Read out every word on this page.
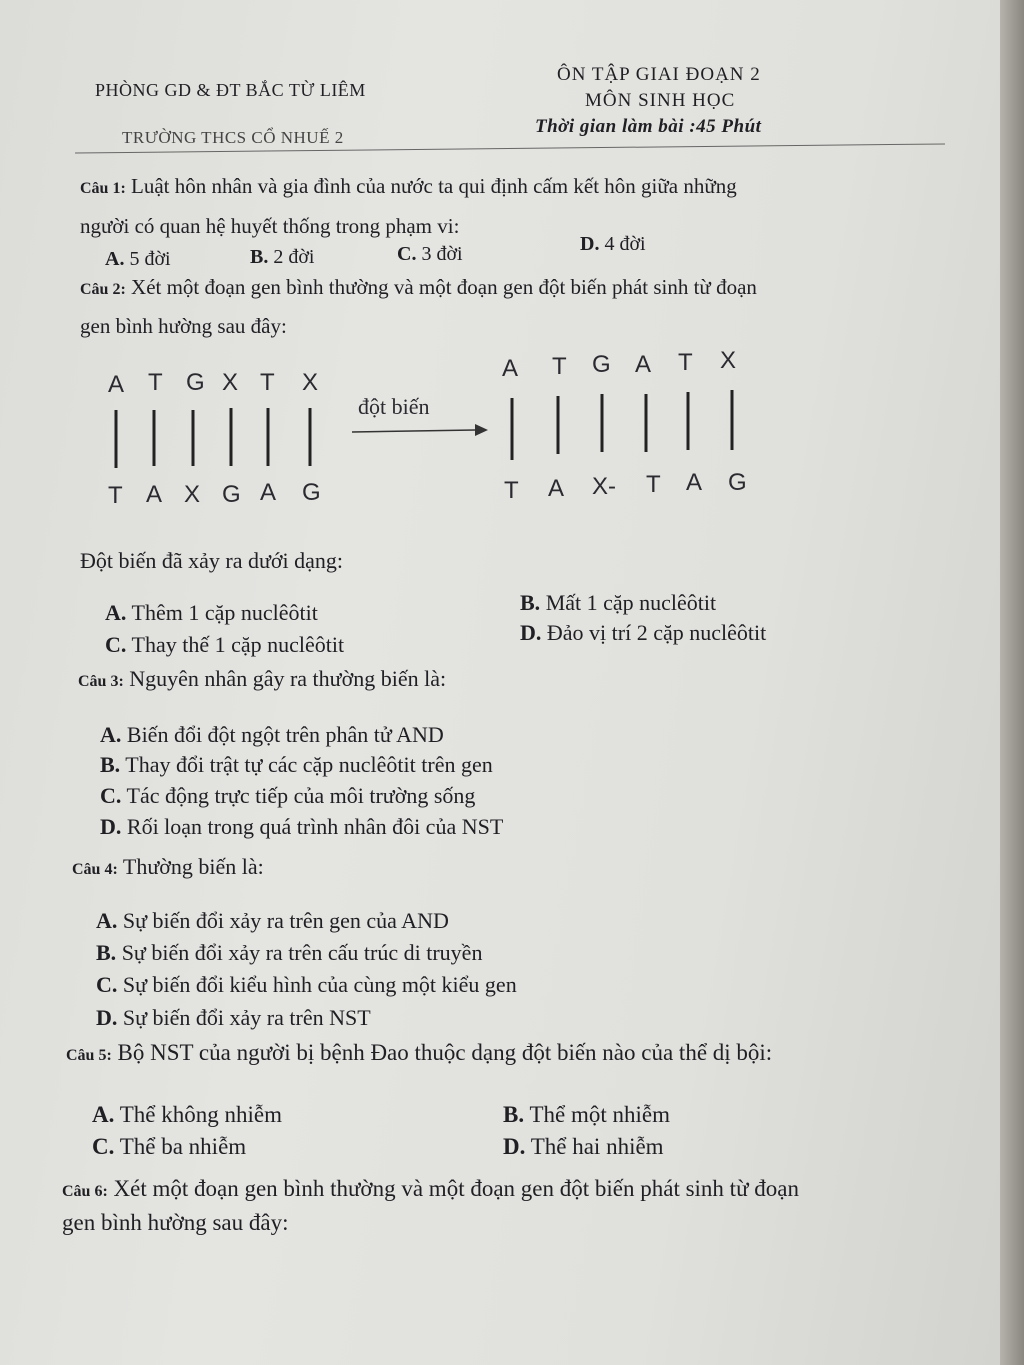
PHÒNG GD & ĐT BẮC TỪ LIÊM
TRƯỜNG THCS CỔ NHUẾ 2
ÔN TẬP GIAI ĐOẠN 2
MÔN SINH HỌC
Thời gian làm bài :45 Phút
Câu 1: Luật hôn nhân và gia đình của nước ta qui định cấm kết hôn giữa những
người có quan hệ huyết thống trong phạm vi:
A. 5 đời	B. 2 đời	C. 3 đời	D. 4 đời
Câu 2: Xét một đoạn gen bình thường và một đoạn gen đột biến phát sinh từ đoạn
gen bình hường sau đây:
A T G X T X
T A X G A G
đột biến
A T G A T X
T A X- T A G
Đột biến đã xảy ra dưới dạng:
A. Thêm 1 cặp nuclêôtit	B. Mất 1 cặp nuclêôtit
C. Thay thế 1 cặp nuclêôtit	D. Đảo vị trí 2 cặp nuclêôtit
Câu 3: Nguyên nhân gây ra thường biến là:
A. Biến đổi đột ngột trên phân tử AND
B. Thay đổi trật tự các cặp nuclêôtit trên gen
C. Tác động trực tiếp của môi trường sống
D. Rối loạn trong quá trình nhân đôi của NST
Câu 4: Thường biến là:
A. Sự biến đổi xảy ra trên gen của AND
B. Sự biến đổi xảy ra trên cấu trúc di truyền
C. Sự biến đổi kiểu hình của cùng một kiểu gen
D. Sự biến đổi xảy ra trên NST
Câu 5: Bộ NST của người bị bệnh Đao thuộc dạng đột biến nào của thể dị bội:
A. Thể không nhiễm	B. Thể một nhiễm
C. Thể ba nhiễm	D. Thể hai nhiễm
Câu 6: Xét một đoạn gen bình thường và một đoạn gen đột biến phát sinh từ đoạn
gen bình hường sau đây:
